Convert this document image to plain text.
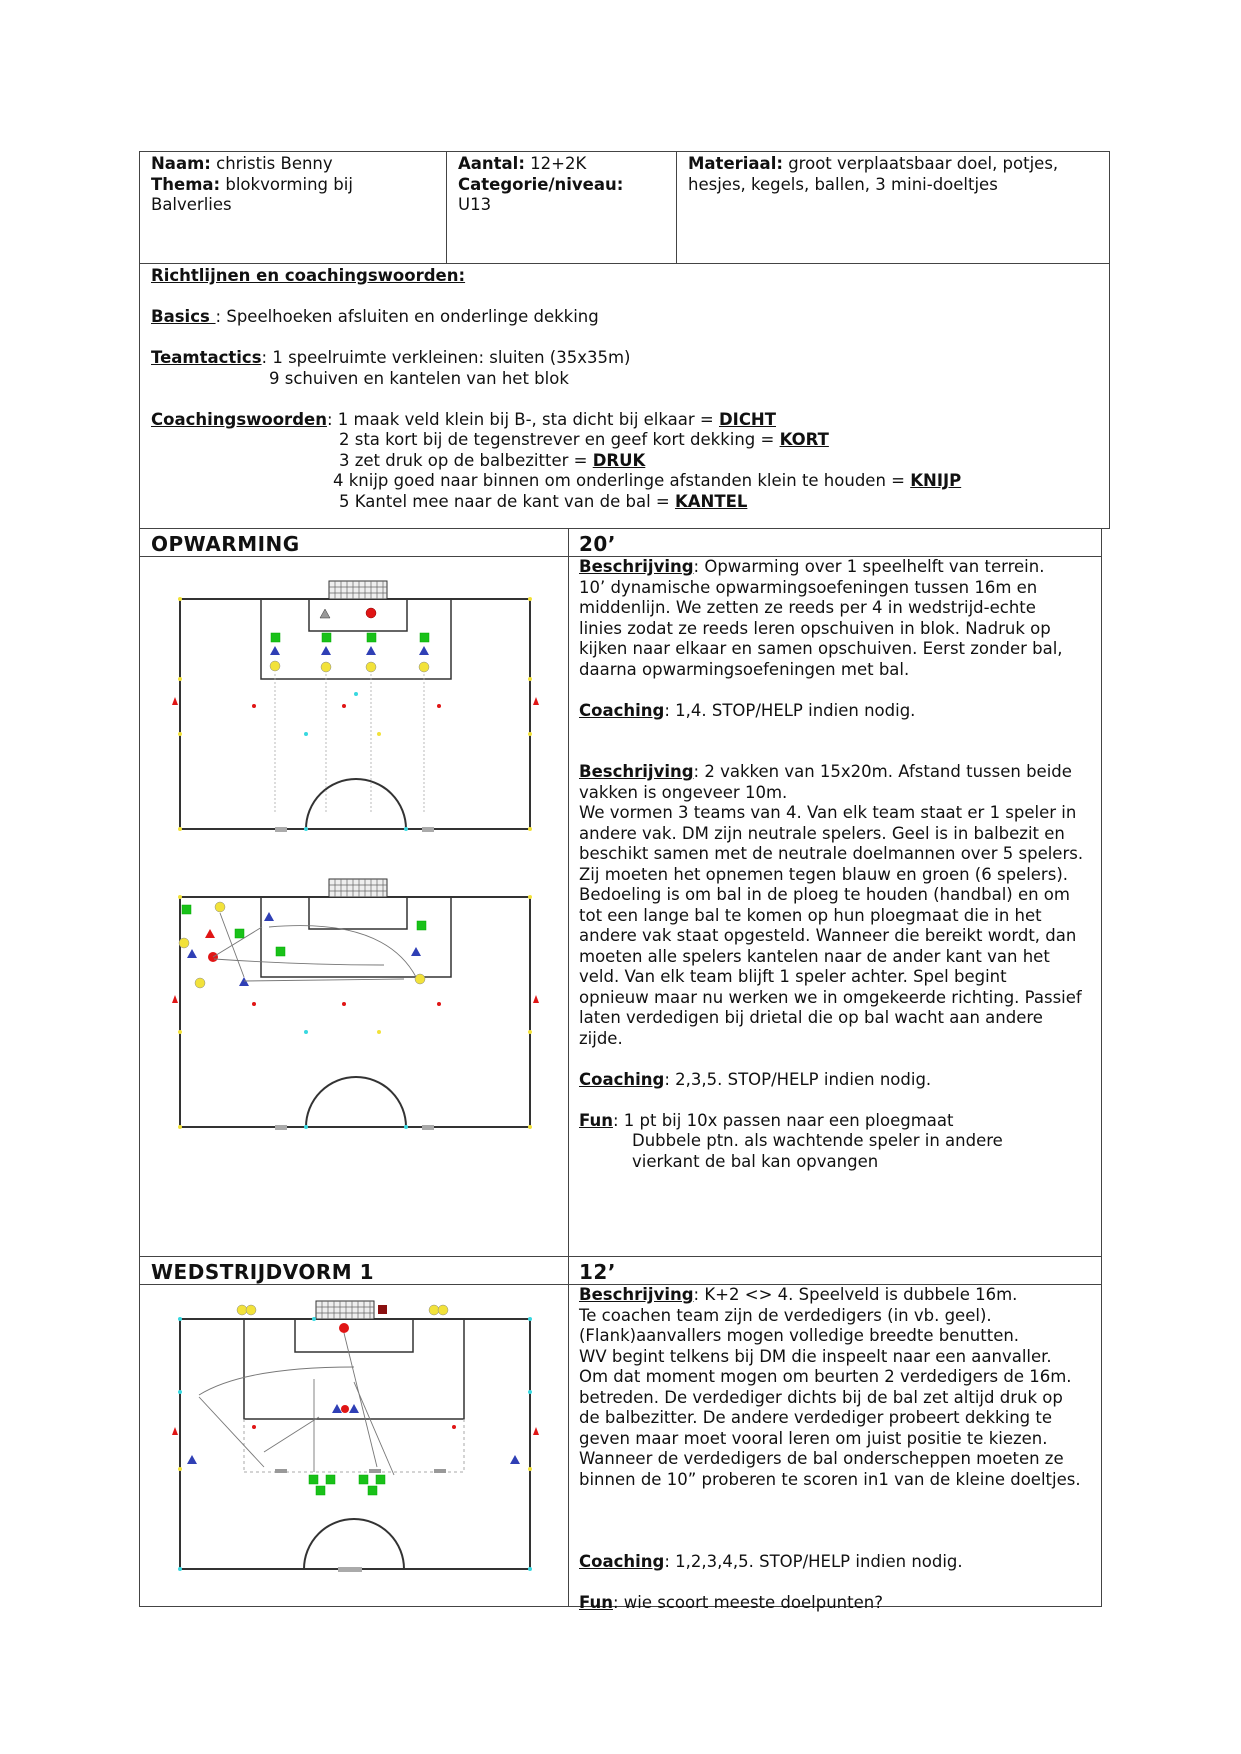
Naam: christis Benny
Thema: blokvorming bij
Balverlies
Aantal: 12+2K
Categorie/niveau:
U13
Materiaal: groot verplaatsbaar doel, potjes,
hesjes, kegels, ballen, 3 mini-doeltjes
Richtlijnen en coachingswoorden:
Basics : Speelhoeken afsluiten en onderlinge dekking
Teamtactics: 1 speelruimte verkleinen: sluiten (35x35m)
9 schuiven en kantelen van het blok
Coachingswoorden: 1 maak veld klein bij B-, sta dicht bij elkaar = DICHT
2 sta kort bij de tegenstrever en geef kort dekking = KORT
3 zet druk op de balbezitter = DRUK
4 knijp goed naar binnen om onderlinge afstanden klein te houden = KNIJP
5 Kantel mee naar de kant van de bal = KANTEL
OPWARMING	20’
Beschrijving: Opwarming over 1 speelhelft van terrein.
10’ dynamische opwarmingsoefeningen tussen 16m en
middenlijn. We zetten ze reeds per 4 in wedstrijd-echte
linies zodat ze reeds leren opschuiven in blok. Nadruk op
kijken naar elkaar en samen opschuiven. Eerst zonder bal,
daarna opwarmingsoefeningen met bal.
Coaching: 1,4. STOP/HELP indien nodig.
Beschrijving: 2 vakken van 15x20m. Afstand tussen beide
vakken is ongeveer 10m.
We vormen 3 teams van 4. Van elk team staat er 1 speler in
andere vak. DM zijn neutrale spelers. Geel is in balbezit en
beschikt samen met de neutrale doelmannen over 5 spelers.
Zij moeten het opnemen tegen blauw en groen (6 spelers).
Bedoeling is om bal in de ploeg te houden (handbal) en om
tot een lange bal te komen op hun ploegmaat die in het
andere vak staat opgesteld. Wanneer die bereikt wordt, dan
moeten alle spelers kantelen naar de ander kant van het
veld. Van elk team blijft 1 speler achter. Spel begint
opnieuw maar nu werken we in omgekeerde richting. Passief
laten verdedigen bij drietal die op bal wacht aan andere
zijde.
Coaching: 2,3,5. STOP/HELP indien nodig.
Fun: 1 pt bij 10x passen naar een ploegmaat
Dubbele ptn. als wachtende speler in andere
vierkant de bal kan opvangen
WEDSTRIJDVORM 1	12’
Beschrijving: K+2 <> 4. Speelveld is dubbele 16m.
Te coachen team zijn de verdedigers (in vb. geel).
(Flank)aanvallers mogen volledige breedte benutten.
WV begint telkens bij DM die inspeelt naar een aanvaller.
Om dat moment mogen om beurten 2 verdedigers de 16m.
betreden. De verdediger dichts bij de bal zet altijd druk op
de balbezitter. De andere verdediger probeert dekking te
geven maar moet vooral leren om juist positie te kiezen.
Wanneer de verdedigers de bal onderscheppen moeten ze
binnen de 10” proberen te scoren in1 van de kleine doeltjes.
Coaching: 1,2,3,4,5. STOP/HELP indien nodig.
Fun: wie scoort meeste doelpunten?
